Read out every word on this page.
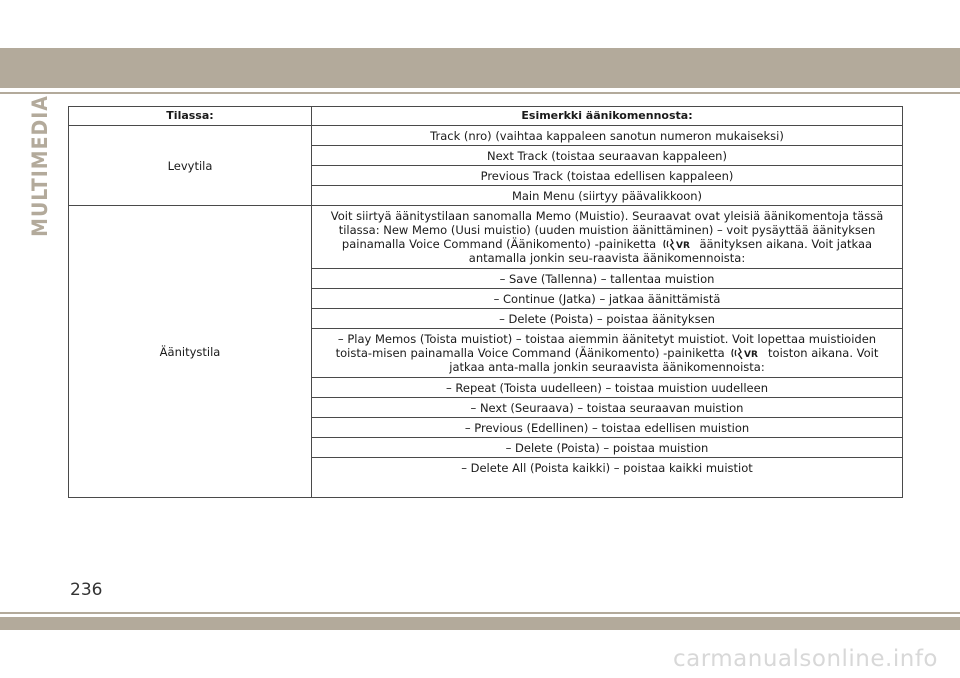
MULTIMEDIA	Tilassa:	Esimerkki äänikomennosta:
Levytila	Track (nro) (vaihtaa kappaleen sanotun numeron mukaiseksi)
	Next Track (toistaa seuraavan kappaleen)
	Previous Track (toistaa edellisen kappaleen)
	Main Menu (siirtyy päävalikkoon)
Äänitystila	Voit siirtyä äänitystilaan sanomalla Memo (Muistio). Seuraavat ovat yleisiä äänikomentoja tässä tilassa: New Memo (Uusi muistio) (uuden muistion äänittäminen) – voit pysäyttää äänityksen painamalla Voice Command (Äänikomento) -painiketta VR äänityksen aikana. Voit jatkaa antamalla jonkin seu-raavista äänikomennoista:
	– Save (Tallenna) – tallentaa muistion
	– Continue (Jatka) – jatkaa äänittämistä
	– Delete (Poista) – poistaa äänityksen
	– Play Memos (Toista muistiot) – toistaa aiemmin äänitetyt muistiot. Voit lopettaa muistioiden toista-misen painamalla Voice Command (Äänikomento) -painiketta VR toiston aikana. Voit jatkaa anta-malla jonkin seuraavista äänikomennoista:
	– Repeat (Toista uudelleen) – toistaa muistion uudelleen
	– Next (Seuraava) – toistaa seuraavan muistion
	– Previous (Edellinen) – toistaa edellisen muistion
	– Delete (Poista) – poistaa muistion
	– Delete All (Poista kaikki) – poistaa kaikki muistiot
236
carmanualsonline.info
